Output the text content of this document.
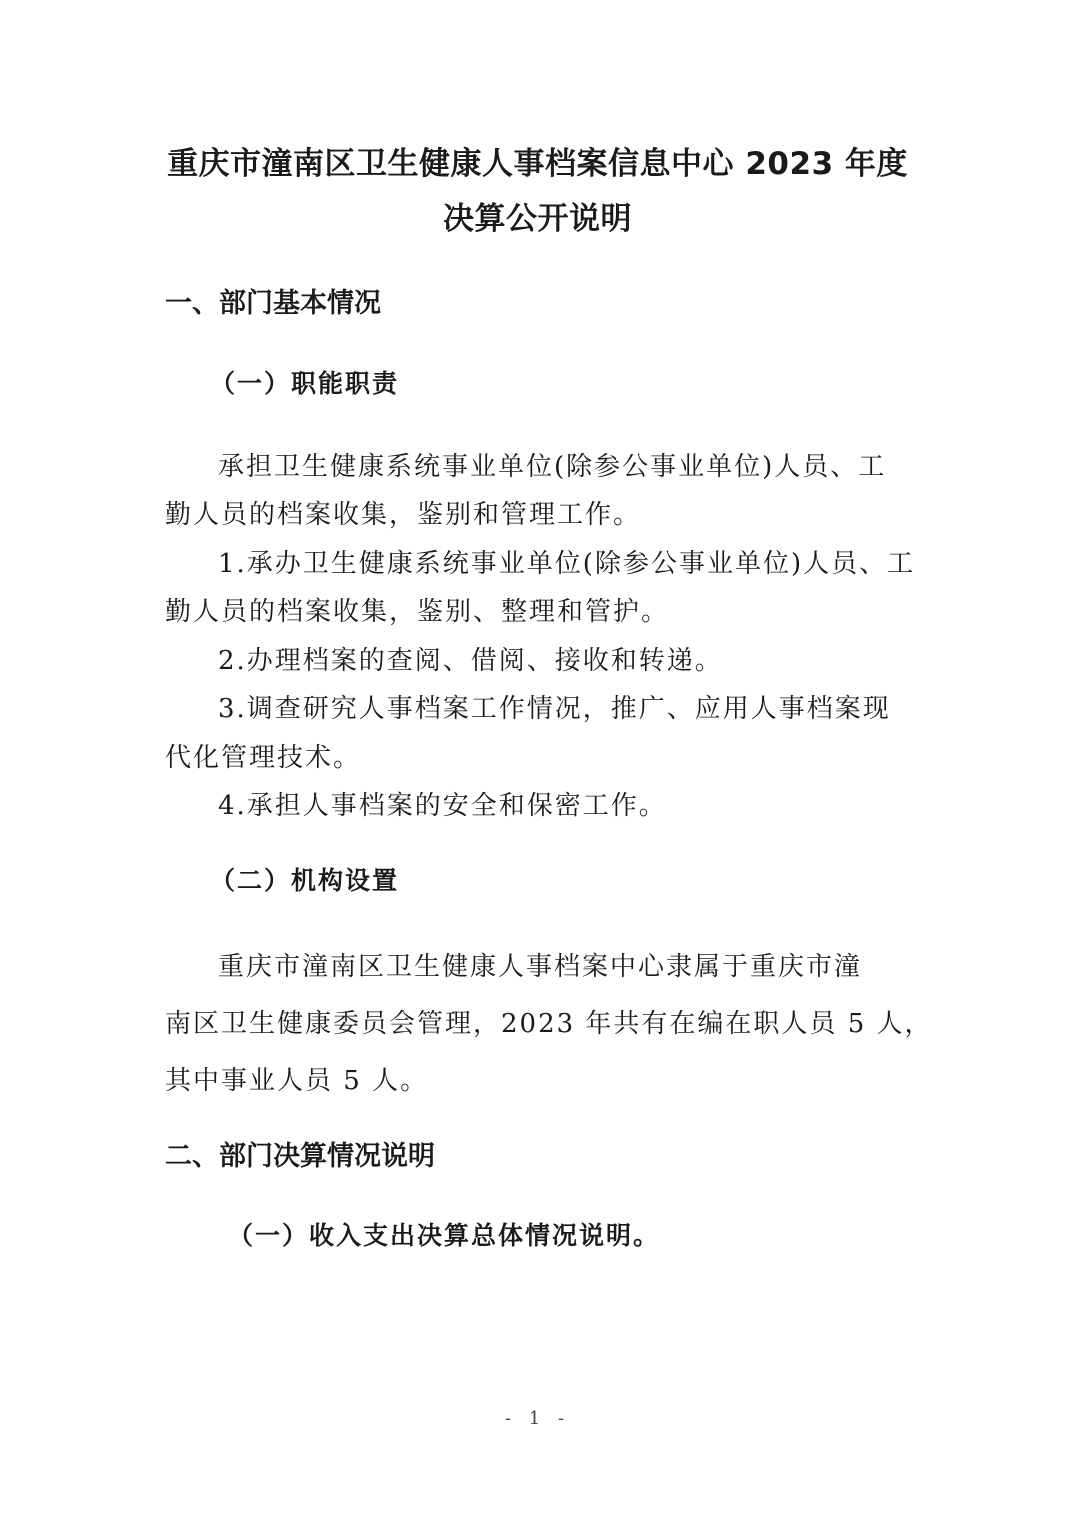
重庆市潼南区卫生健康人事档案信息中心 2023 年度
决算公开说明
一、部门基本情况
（一）职能职责
承担卫生健康系统事业单位(除参公事业单位)人员、工
勤人员的档案收集，鉴别和管理工作。
1.承办卫生健康系统事业单位(除参公事业单位)人员、工
勤人员的档案收集，鉴别、整理和管护。
2.办理档案的查阅、借阅、接收和转递。
3.调查研究人事档案工作情况，推广、应用人事档案现
代化管理技术。
4.承担人事档案的安全和保密工作。
（二）机构设置
重庆市潼南区卫生健康人事档案中心隶属于重庆市潼
南区卫生健康委员会管理，2023 年共有在编在职人员 5 人，
其中事业人员 5 人。
二、部门决算情况说明
（一）收入支出决算总体情况说明。
- 1 -
